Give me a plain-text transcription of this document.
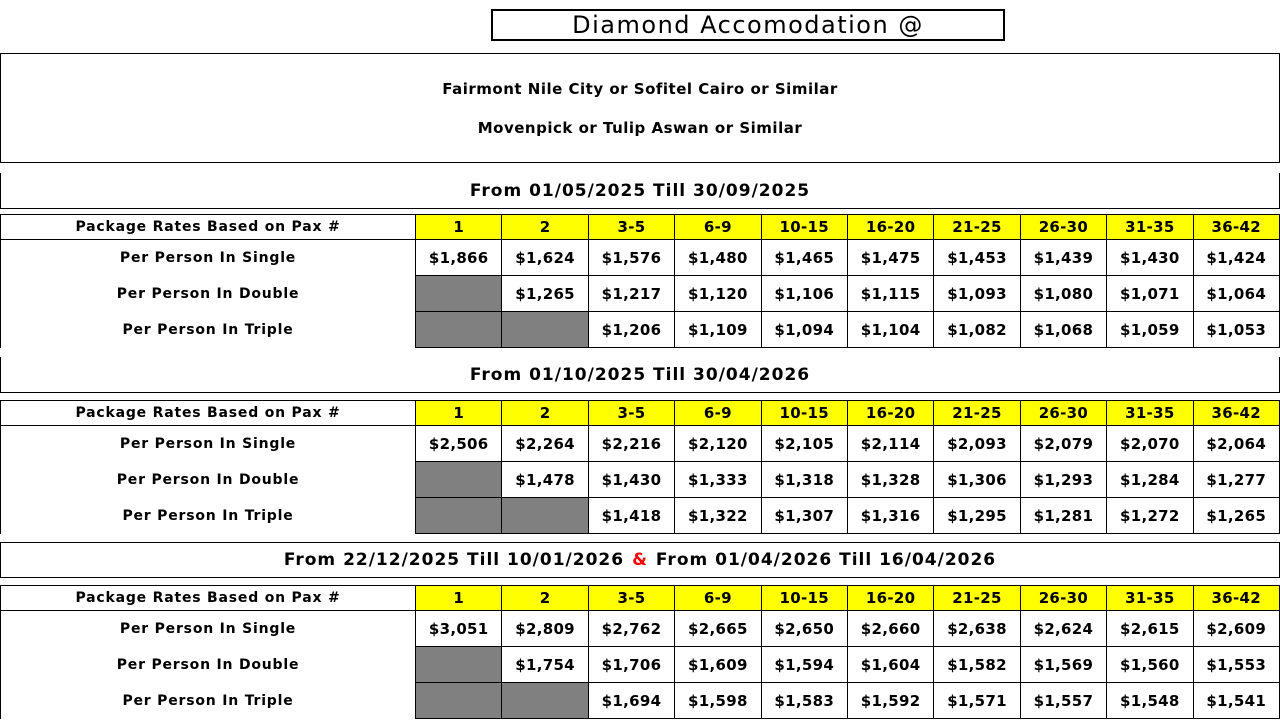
Diamond Accomodation @
Fairmont Nile City or Sofitel Cairo or Similar
Movenpick or Tulip Aswan or Similar
From 01/05/2025 Till 30/09/2025
Package Rates Based on Pax #	1	2	3-5	6-9	10-15	16-20	21-25	26-30	31-35	36-42
Per Person In Single	$1,866	$1,624	$1,576	$1,480	$1,465	$1,475	$1,453	$1,439	$1,430	$1,424
Per Person In Double		$1,265	$1,217	$1,120	$1,106	$1,115	$1,093	$1,080	$1,071	$1,064
Per Person In Triple			$1,206	$1,109	$1,094	$1,104	$1,082	$1,068	$1,059	$1,053
From 01/10/2025 Till 30/04/2026
Package Rates Based on Pax #	1	2	3-5	6-9	10-15	16-20	21-25	26-30	31-35	36-42
Per Person In Single	$2,506	$2,264	$2,216	$2,120	$2,105	$2,114	$2,093	$2,079	$2,070	$2,064
Per Person In Double		$1,478	$1,430	$1,333	$1,318	$1,328	$1,306	$1,293	$1,284	$1,277
Per Person In Triple			$1,418	$1,322	$1,307	$1,316	$1,295	$1,281	$1,272	$1,265
From 22/12/2025 Till 10/01/2026 & From 01/04/2026 Till 16/04/2026
Package Rates Based on Pax #	1	2	3-5	6-9	10-15	16-20	21-25	26-30	31-35	36-42
Per Person In Single	$3,051	$2,809	$2,762	$2,665	$2,650	$2,660	$2,638	$2,624	$2,615	$2,609
Per Person In Double		$1,754	$1,706	$1,609	$1,594	$1,604	$1,582	$1,569	$1,560	$1,553
Per Person In Triple			$1,694	$1,598	$1,583	$1,592	$1,571	$1,557	$1,548	$1,541
